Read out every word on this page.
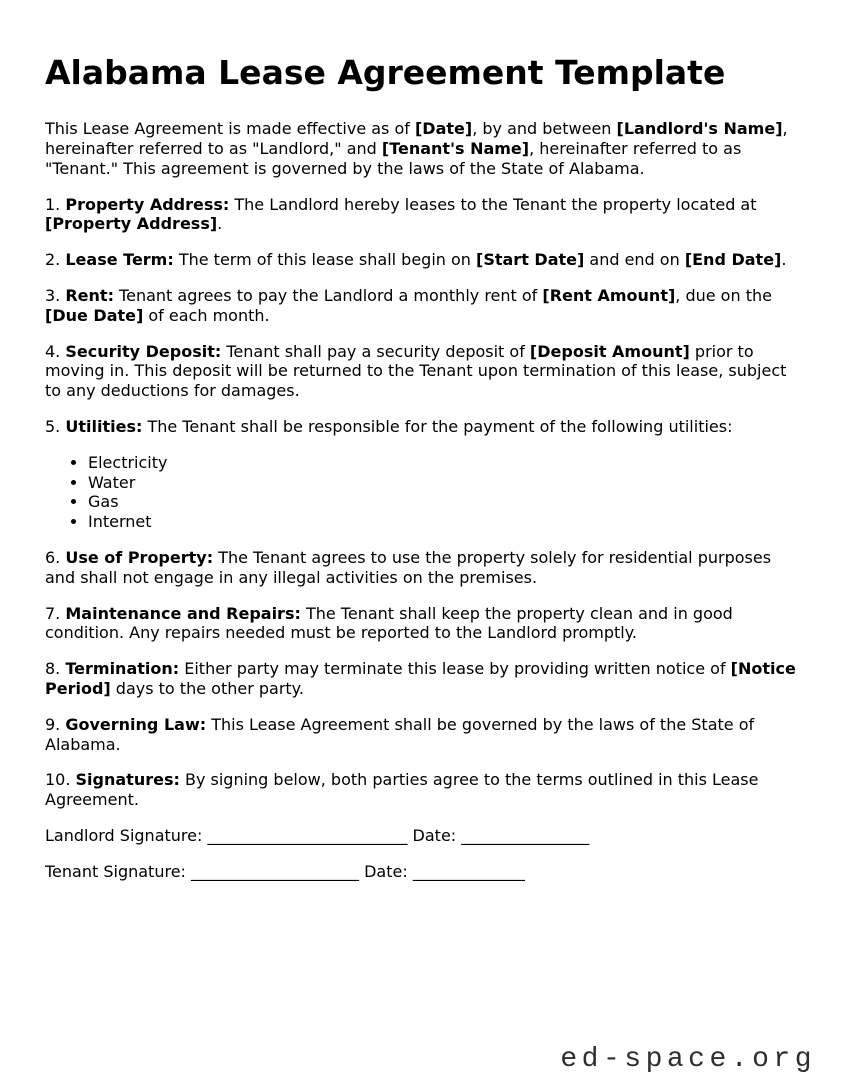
Alabama Lease Agreement Template

This Lease Agreement is made effective as of [Date], by and between [Landlord's Name], hereinafter referred to as "Landlord," and [Tenant's Name], hereinafter referred to as "Tenant." This agreement is governed by the laws of the State of Alabama.

1. Property Address: The Landlord hereby leases to the Tenant the property located at [Property Address].

2. Lease Term: The term of this lease shall begin on [Start Date] and end on [End Date].

3. Rent: Tenant agrees to pay the Landlord a monthly rent of [Rent Amount], due on the [Due Date] of each month.

4. Security Deposit: Tenant shall pay a security deposit of [Deposit Amount] prior to moving in. This deposit will be returned to the Tenant upon termination of this lease, subject to any deductions for damages.

5. Utilities: The Tenant shall be responsible for the payment of the following utilities:

• Electricity
• Water
• Gas
• Internet

6. Use of Property: The Tenant agrees to use the property solely for residential purposes and shall not engage in any illegal activities on the premises.

7. Maintenance and Repairs: The Tenant shall keep the property clean and in good condition. Any repairs needed must be reported to the Landlord promptly.

8. Termination: Either party may terminate this lease by providing written notice of [Notice Period] days to the other party.

9. Governing Law: This Lease Agreement shall be governed by the laws of the State of Alabama.

10. Signatures: By signing below, both parties agree to the terms outlined in this Lease Agreement.

Landlord Signature: _________________________ Date: ________________

Tenant Signature: _____________________ Date: ______________

ed-space.org
